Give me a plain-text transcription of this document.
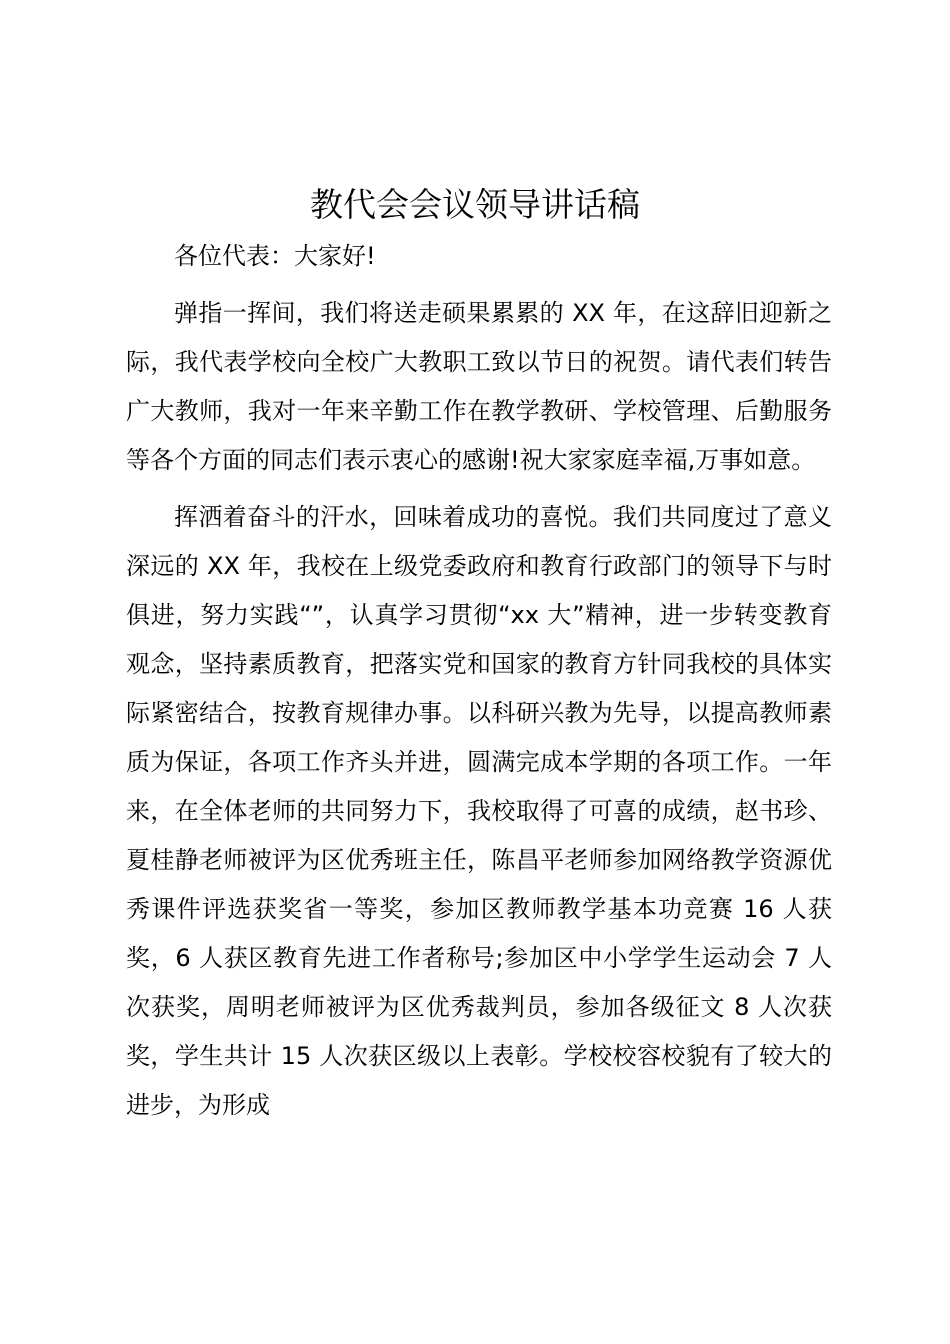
教代会会议领导讲话稿

各位代表：大家好!

弹指一挥间，我们将送走硕果累累的 XX 年，在这辞旧迎新之际，我代表学校向全校广大教职工致以节日的祝贺。请代表们转告广大教师，我对一年来辛勤工作在教学教研、学校管理、后勤服务等各个方面的同志们表示衷心的感谢!祝大家家庭幸福,万事如意。

挥洒着奋斗的汗水，回味着成功的喜悦。我们共同度过了意义深远的 XX 年，我校在上级党委政府和教育行政部门的领导下与时俱进，努力实践“”，认真学习贯彻“xx 大”精神，进一步转变教育观念，坚持素质教育，把落实党和国家的教育方针同我校的具体实际紧密结合，按教育规律办事。以科研兴教为先导，以提高教师素质为保证，各项工作齐头并进，圆满完成本学期的各项工作。一年来，在全体老师的共同努力下，我校取得了可喜的成绩，赵书珍、夏桂静老师被评为区优秀班主任，陈昌平老师参加网络教学资源优秀课件评选获奖省一等奖，参加区教师教学基本功竞赛 16 人获奖，6 人获区教育先进工作者称号;参加区中小学学生运动会 7 人次获奖，周明老师被评为区优秀裁判员，参加各级征文 8 人次获奖，学生共计 15 人次获区级以上表彰。学校校容校貌有了较大的进步，为形成
